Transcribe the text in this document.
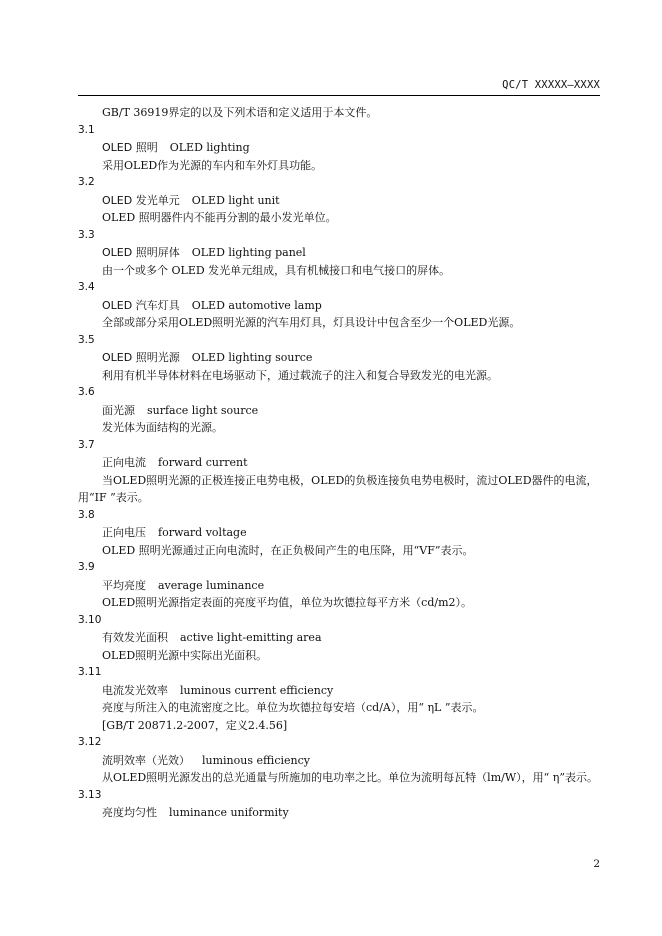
QC/T XXXXX—XXXX
GB/T 36919界定的以及下列术语和定义适用于本文件。
3.1
OLED 照明 OLED lighting
采用OLED作为光源的车内和车外灯具功能。
3.2
OLED 发光单元 OLED light unit
OLED 照明器件内不能再分割的最小发光单位。
3.3
OLED 照明屏体 OLED lighting panel
由一个或多个 OLED 发光单元组成，具有机械接口和电气接口的屏体。
3.4
OLED 汽车灯具 OLED automotive lamp
全部或部分采用OLED照明光源的汽车用灯具，灯具设计中包含至少一个OLED光源。
3.5
OLED 照明光源 OLED lighting source
利用有机半导体材料在电场驱动下，通过载流子的注入和复合导致发光的电光源。
3.6
面光源 surface light source
发光体为面结构的光源。
3.7
正向电流 forward current
当OLED照明光源的正极连接正电势电极，OLED的负极连接负电势电极时，流过OLED器件的电流，用“IF ”表示。
3.8
正向电压 forward voltage
OLED 照明光源通过正向电流时，在正负极间产生的电压降，用“VF”表示。
3.9
平均亮度 average luminance
OLED照明光源指定表面的亮度平均值，单位为坎德拉每平方米（cd/m2）。
3.10
有效发光面积 active light-emitting area
OLED照明光源中实际出光面积。
3.11
电流发光效率 luminous current efficiency
亮度与所注入的电流密度之比。单位为坎德拉每安培（cd/A），用“ ηL ”表示。
[GB/T 20871.2-2007，定义2.4.56]
3.12
流明效率（光效） luminous efficiency
从OLED照明光源发出的总光通量与所施加的电功率之比。单位为流明每瓦特（lm/W），用“ η”表示。
3.13
亮度均匀性 luminance uniformity
2
